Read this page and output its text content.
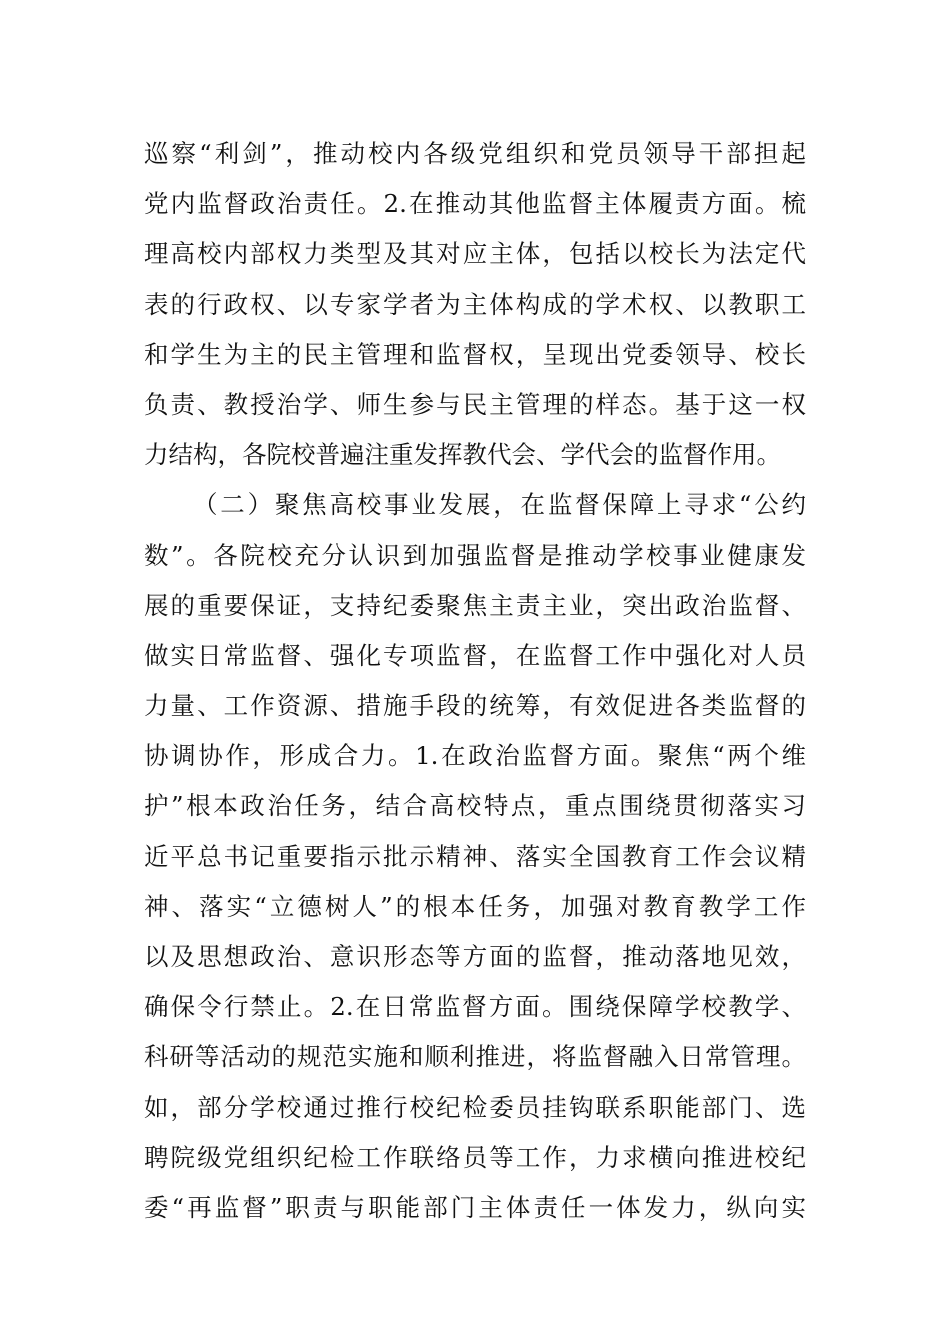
巡察“利剑”，推动校内各级党组织和党员领导干部担起
党内监督政治责任。2.在推动其他监督主体履责方面。梳
理高校内部权力类型及其对应主体，包括以校长为法定代
表的行政权、以专家学者为主体构成的学术权、以教职工
和学生为主的民主管理和监督权，呈现出党委领导、校长
负责、教授治学、师生参与民主管理的样态。基于这一权
力结构，各院校普遍注重发挥教代会、学代会的监督作用。
（二）聚焦高校事业发展，在监督保障上寻求“公约
数”。各院校充分认识到加强监督是推动学校事业健康发
展的重要保证，支持纪委聚焦主责主业，突出政治监督、
做实日常监督、强化专项监督，在监督工作中强化对人员
力量、工作资源、措施手段的统筹，有效促进各类监督的
协调协作，形成合力。1.在政治监督方面。聚焦“两个维
护”根本政治任务，结合高校特点，重点围绕贯彻落实习
近平总书记重要指示批示精神、落实全国教育工作会议精
神、落实“立德树人”的根本任务，加强对教育教学工作
以及思想政治、意识形态等方面的监督，推动落地见效，
确保令行禁止。2.在日常监督方面。围绕保障学校教学、
科研等活动的规范实施和顺利推进，将监督融入日常管理。
如，部分学校通过推行校纪检委员挂钩联系职能部门、选
聘院级党组织纪检工作联络员等工作，力求横向推进校纪
委“再监督”职责与职能部门主体责任一体发力，纵向实
